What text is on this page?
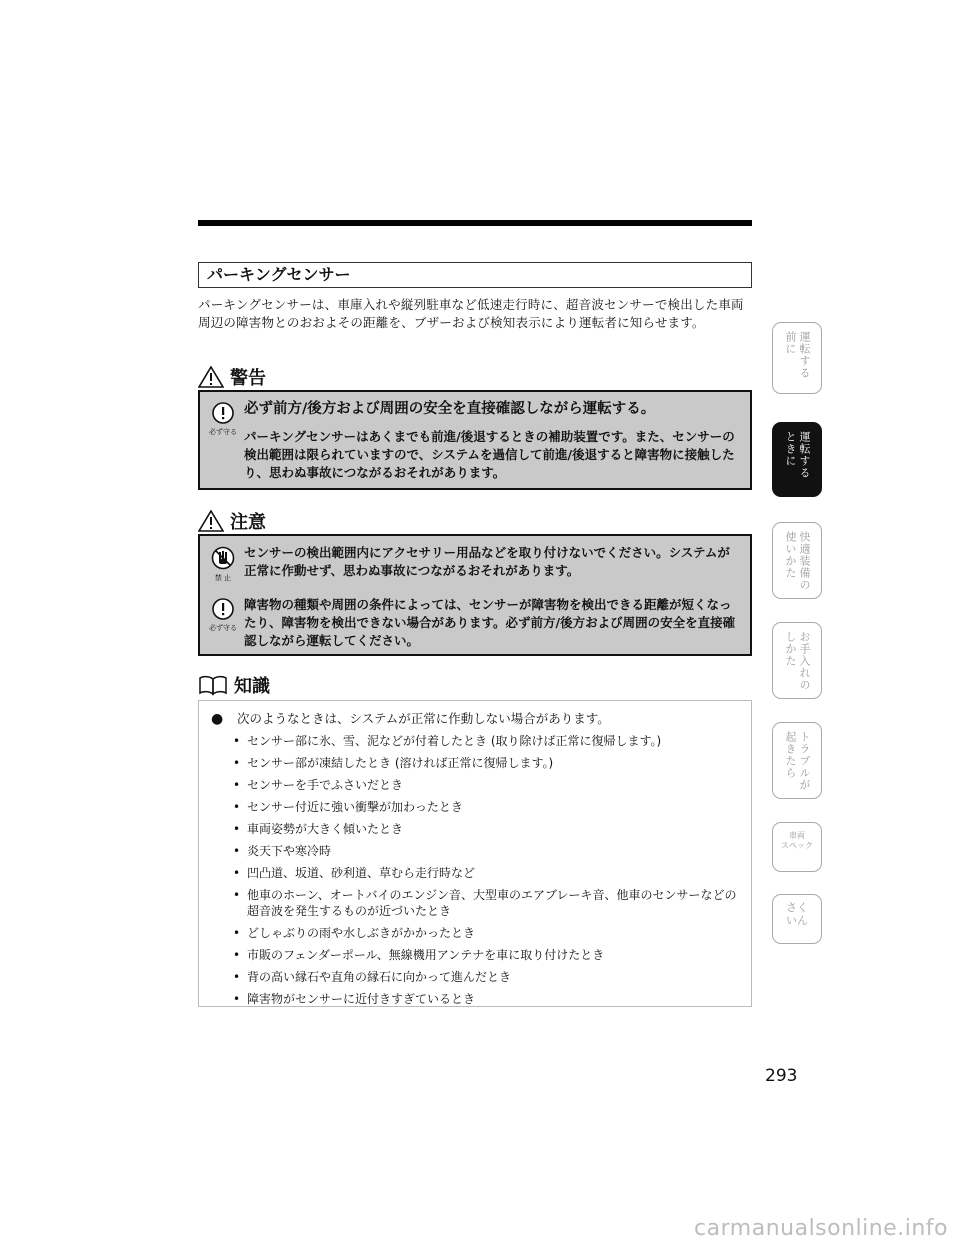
パーキングセンサー
パーキングセンサーは、車庫入れや縦列駐車など低速走行時に、超音波センサーで検出した車両周辺の障害物とのおおよその距離を、ブザーおよび検知表示により運転者に知らせます。
警告
必ず守る
必ず前方/後方および周囲の安全を直接確認しながら運転する。
パーキングセンサーはあくまでも前進/後退するときの補助装置です。また、センサーの検出範囲は限られていますので、システムを過信して前進/後退すると障害物に接触したり、思わぬ事故につながるおそれがあります。
注意
禁 止
センサーの検出範囲内にアクセサリー用品などを取り付けないでください。システムが正常に作動せず、思わぬ事故につながるおそれがあります。
必ず守る
障害物の種類や周囲の条件によっては、センサーが障害物を検出できる距離が短くなったり、障害物を検出できない場合があります。必ず前方/後方および周囲の安全を直接確認しながら運転してください。
知識
● 次のようなときは、システムが正常に作動しない場合があります。
• センサー部に氷、雪、泥などが付着したとき (取り除けば正常に復帰します。)
• センサー部が凍結したとき (溶ければ正常に復帰します。)
• センサーを手でふさいだとき
• センサー付近に強い衝撃が加わったとき
• 車両姿勢が大きく傾いたとき
• 炎天下や寒冷時
• 凹凸道、坂道、砂利道、草むら走行時など
• 他車のホーン、オートバイのエンジン音、大型車のエアブレーキ音、他車のセンサーなどの超音波を発生するものが近づいたとき
• どしゃぶりの雨や水しぶきがかかったとき
• 市販のフェンダーポール、無線機用アンテナを車に取り付けたとき
• 背の高い縁石や直角の縁石に向かって進んだとき
• 障害物がセンサーに近付きすぎているとき
運転する
前に
運転する
ときに
快適装備の
使いかた
お手入れの
しかた
トラブルが
起きたら
車両
スペック
さく
いん
293
carmanualsonline.info
